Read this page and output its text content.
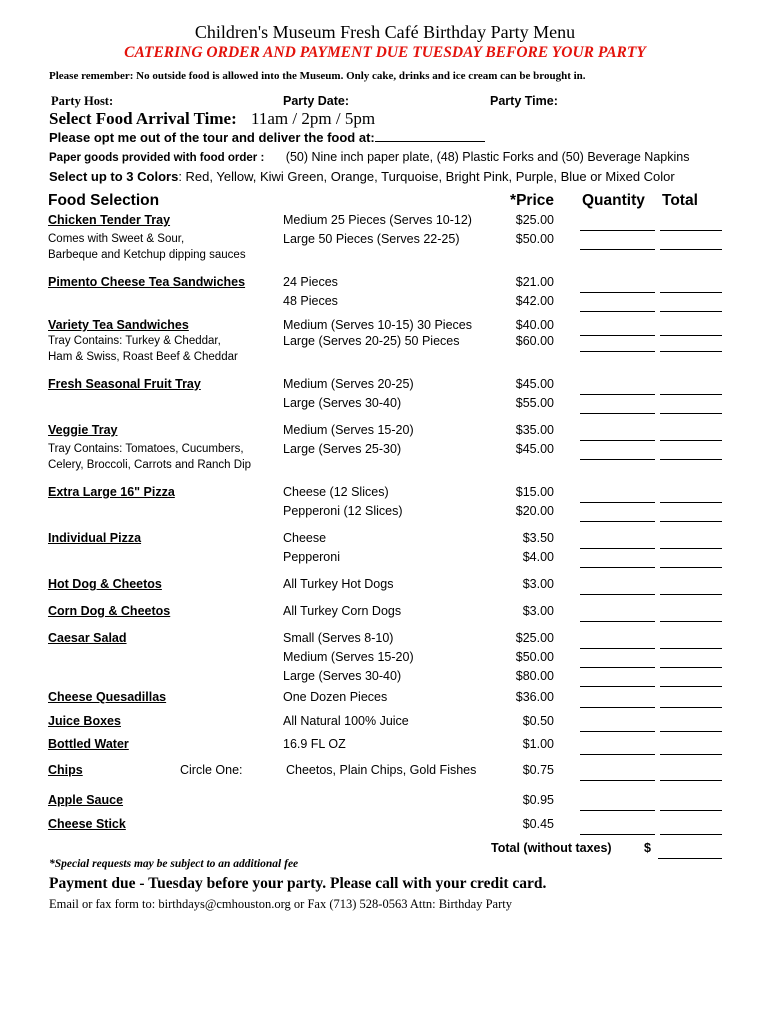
Children's Museum Fresh Café Birthday Party Menu
CATERING ORDER AND PAYMENT DUE TUESDAY BEFORE YOUR PARTY
Please remember: No outside food is allowed into the Museum. Only cake, drinks and ice cream can be brought in.
Party Host:	Party Date:	Party Time:
Select Food Arrival Time: 11am / 2pm / 5pm
Please opt me out of the tour and deliver the food at:
Paper goods provided with food order : (50) Nine inch paper plate, (48) Plastic Forks and (50) Beverage Napkins
Select up to 3 Colors: Red, Yellow, Kiwi Green, Orange, Turquoise, Bright Pink, Purple, Blue or Mixed Color
Food Selection	*Price Quantity Total
Chicken Tender Tray
Comes with Sweet & Sour,
Barbeque and Ketchup dipping sauces
Medium 25 Pieces (Serves 10-12)	$25.00
Large 50 Pieces (Serves 22-25)	$50.00
Pimento Cheese Tea Sandwiches	24 Pieces	$21.00
48 Pieces	$42.00
Variety Tea Sandwiches
Tray Contains: Turkey & Cheddar,
Ham & Swiss, Roast Beef & Cheddar
Medium (Serves 10-15) 30 Pieces	$40.00
Large (Serves 20-25) 50 Pieces	$60.00
Fresh Seasonal Fruit Tray	Medium (Serves 20-25)	$45.00
Large (Serves 30-40)	$55.00
Veggie Tray
Tray Contains: Tomatoes, Cucumbers,
Celery, Broccoli, Carrots and Ranch Dip
Medium (Serves 15-20)	$35.00
Large (Serves 25-30)	$45.00
Extra Large 16" Pizza	Cheese (12 Slices)	$15.00
Pepperoni (12 Slices)	$20.00
Individual Pizza	Cheese	$3.50
Pepperoni	$4.00
Hot Dog & Cheetos	All Turkey Hot Dogs	$3.00
Corn Dog & Cheetos	All Turkey Corn Dogs	$3.00
Caesar Salad	Small (Serves 8-10)	$25.00
Medium (Serves 15-20)	$50.00
Large (Serves 30-40)	$80.00
Cheese Quesadillas	One Dozen Pieces	$36.00
Juice Boxes	All Natural 100% Juice	$0.50
Bottled Water	16.9 FL OZ	$1.00
Chips	Circle One:	Cheetos, Plain Chips, Gold Fishes	$0.75
Apple Sauce	$0.95
Cheese Stick	$0.45
Total (without taxes)	$
*Special requests may be subject to an additional fee
Payment due - Tuesday before your party. Please call with your credit card.
Email or fax form to: birthdays@cmhouston.org or Fax (713) 528-0563 Attn: Birthday Party
